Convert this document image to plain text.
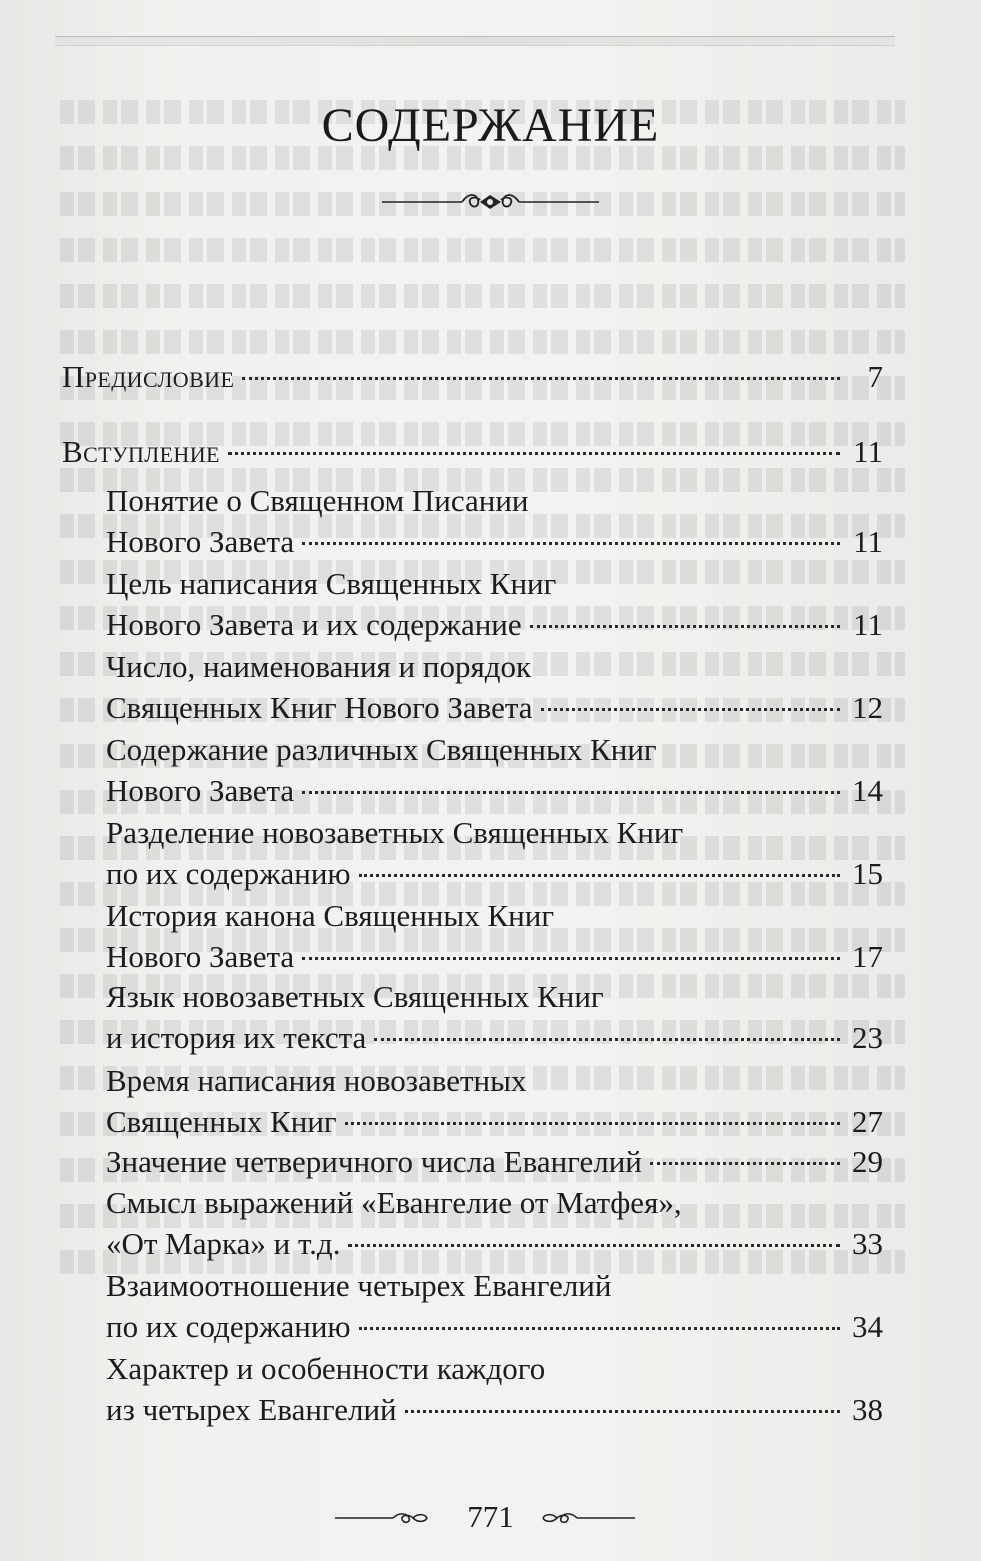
СОДЕРЖАНИЕ
Предисловие	7
Вступление	11
Понятие о Священном Писании
Нового Завета	11
Цель написания Священных Книг
Нового Завета и их содержание	11
Число, наименования и порядок
Священных Книг Нового Завета	12
Содержание различных Священных Книг
Нового Завета	14
Разделение новозаветных Священных Книг
по их содержанию	15
История канона Священных Книг
Нового Завета	17
Язык новозаветных Священных Книг
и история их текста	23
Время написания новозаветных
Священных Книг	27
Значение четверичного числа Евангелий	29
Смысл выражений «Евангелие от Матфея»,
«От Марка» и т.д.	33
Взаимоотношение четырех Евангелий
по их содержанию	34
Характер и особенности каждого
из четырех Евангелий	38
771
